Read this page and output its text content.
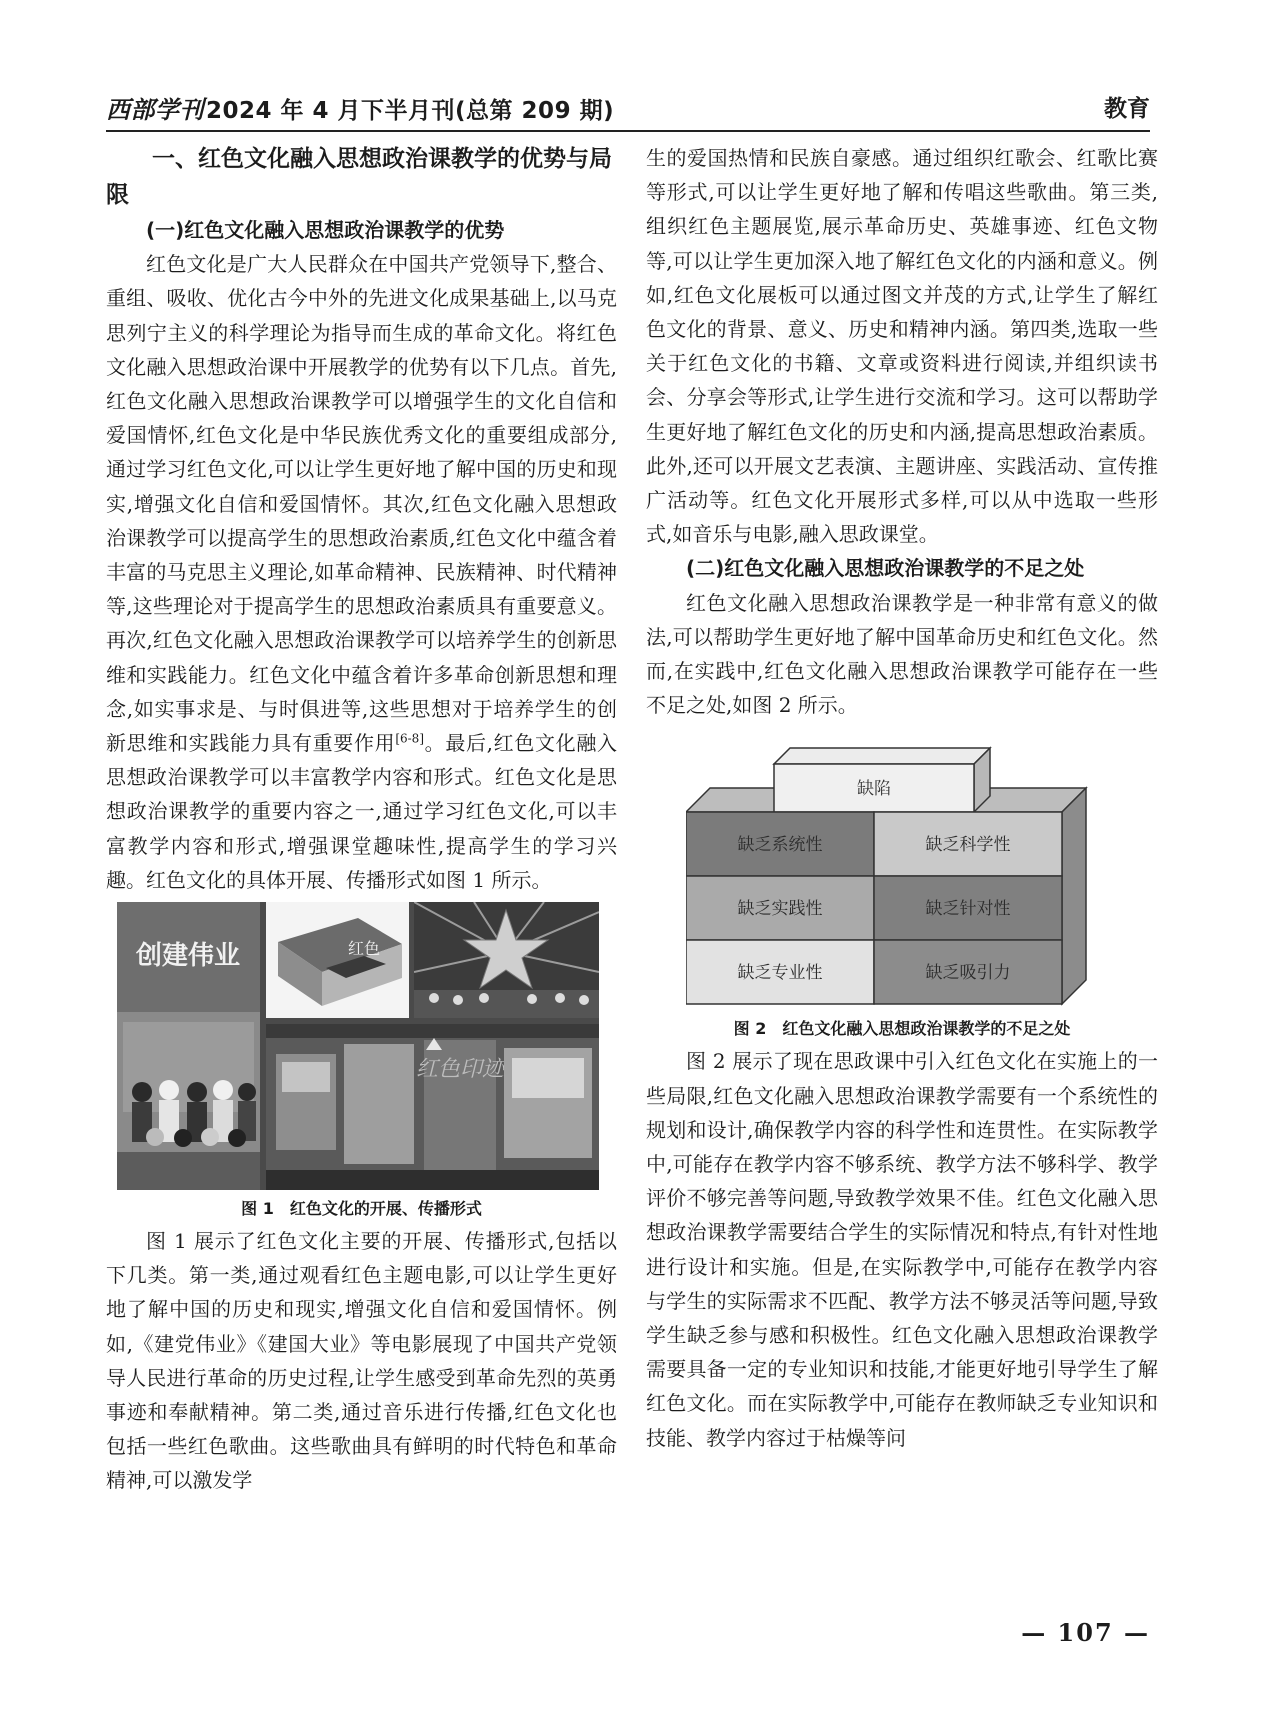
西部学刊2024 年 4 月下半月刊(总第 209 期)	教育

一、红色文化融入思想政治课教学的优势与局限

(一)红色文化融入思想政治课教学的优势

红色文化是广大人民群众在中国共产党领导下,整合、重组、吸收、优化古今中外的先进文化成果基础上,以马克思列宁主义的科学理论为指导而生成的革命文化。将红色文化融入思想政治课中开展教学的优势有以下几点。首先,红色文化融入思想政治课教学可以增强学生的文化自信和爱国情怀,红色文化是中华民族优秀文化的重要组成部分,通过学习红色文化,可以让学生更好地了解中国的历史和现实,增强文化自信和爱国情怀。其次,红色文化融入思想政治课教学可以提高学生的思想政治素质,红色文化中蕴含着丰富的马克思主义理论,如革命精神、民族精神、时代精神等,这些理论对于提高学生的思想政治素质具有重要意义。再次,红色文化融入思想政治课教学可以培养学生的创新思维和实践能力。红色文化中蕴含着许多革命创新思想和理念,如实事求是、与时俱进等,这些思想对于培养学生的创新思维和实践能力具有重要作用[6-8]。最后,红色文化融入思想政治课教学可以丰富教学内容和形式。红色文化是思想政治课教学的重要内容之一,通过学习红色文化,可以丰富教学内容和形式,增强课堂趣味性,提高学生的学习兴趣。红色文化的具体开展、传播形式如图 1 所示。

创建伟业	红色
红色印迹

图 1　红色文化的开展、传播形式

图 1 展示了红色文化主要的开展、传播形式,包括以下几类。第一类,通过观看红色主题电影,可以让学生更好地了解中国的历史和现实,增强文化自信和爱国情怀。例如,《建党伟业》《建国大业》等电影展现了中国共产党领导人民进行革命的历史过程,让学生感受到革命先烈的英勇事迹和奉献精神。第二类,通过音乐进行传播,红色文化也包括一些红色歌曲。这些歌曲具有鲜明的时代特色和革命精神,可以激发学

生的爱国热情和民族自豪感。通过组织红歌会、红歌比赛等形式,可以让学生更好地了解和传唱这些歌曲。第三类,组织红色主题展览,展示革命历史、英雄事迹、红色文物等,可以让学生更加深入地了解红色文化的内涵和意义。例如,红色文化展板可以通过图文并茂的方式,让学生了解红色文化的背景、意义、历史和精神内涵。第四类,选取一些关于红色文化的书籍、文章或资料进行阅读,并组织读书会、分享会等形式,让学生进行交流和学习。这可以帮助学生更好地了解红色文化的历史和内涵,提高思想政治素质。此外,还可以开展文艺表演、主题讲座、实践活动、宣传推广活动等。红色文化开展形式多样,可以从中选取一些形式,如音乐与电影,融入思政课堂。

(二)红色文化融入思想政治课教学的不足之处

红色文化融入思想政治课教学是一种非常有意义的做法,可以帮助学生更好地了解中国革命历史和红色文化。然而,在实践中,红色文化融入思想政治课教学可能存在一些不足之处,如图 2 所示。

缺陷
缺乏系统性	缺乏科学性
缺乏实践性	缺乏针对性
缺乏专业性	缺乏吸引力

图 2　红色文化融入思想政治课教学的不足之处

图 2 展示了现在思政课中引入红色文化在实施上的一些局限,红色文化融入思想政治课教学需要有一个系统性的规划和设计,确保教学内容的科学性和连贯性。在实际教学中,可能存在教学内容不够系统、教学方法不够科学、教学评价不够完善等问题,导致教学效果不佳。红色文化融入思想政治课教学需要结合学生的实际情况和特点,有针对性地进行设计和实施。但是,在实际教学中,可能存在教学内容与学生的实际需求不匹配、教学方法不够灵活等问题,导致学生缺乏参与感和积极性。红色文化融入思想政治课教学需要具备一定的专业知识和技能,才能更好地引导学生了解红色文化。而在实际教学中,可能存在教师缺乏专业知识和技能、教学内容过于枯燥等问

— 107 —
